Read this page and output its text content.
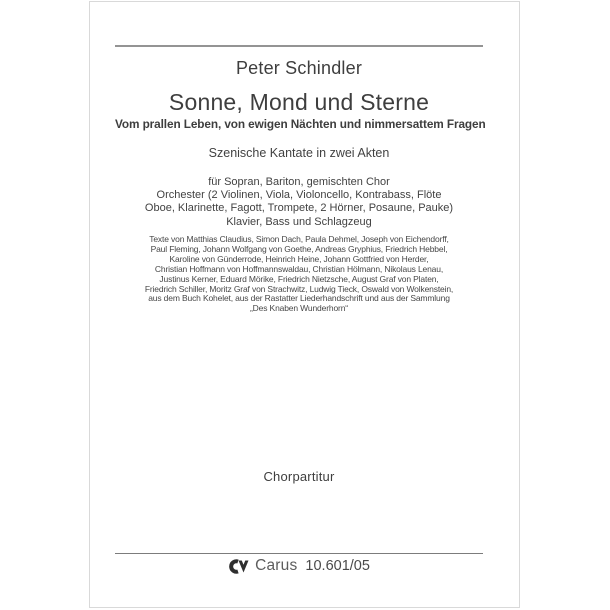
Peter Schindler
Sonne, Mond und Sterne
Vom prallen Leben, von ewigen Nächten und nimmersattem Fragen
Szenische Kantate in zwei Akten
für Sopran, Bariton, gemischten Chor
Orchester (2 Violinen, Viola, Violoncello, Kontrabass, Flöte
Oboe, Klarinette, Fagott, Trompete, 2 Hörner, Posaune, Pauke)
Klavier, Bass und Schlagzeug
Texte von Matthias Claudius, Simon Dach, Paula Dehmel, Joseph von Eichendorff,
Paul Fleming, Johann Wolfgang von Goethe, Andreas Gryphius, Friedrich Hebbel,
Karoline von Günderrode, Heinrich Heine, Johann Gottfried von Herder,
Christian Hoffmann von Hoffmannswaldau, Christian Hölmann, Nikolaus Lenau,
Justinus Kerner, Eduard Mörike, Friedrich Nietzsche, August Graf von Platen,
Friedrich Schiller, Moritz Graf von Strachwitz, Ludwig Tieck, Oswald von Wolkenstein,
aus dem Buch Kohelet, aus der Rastatter Liederhandschrift und aus der Sammlung
„Des Knaben Wunderhorn“
Chorpartitur
Carus 10.601/05
